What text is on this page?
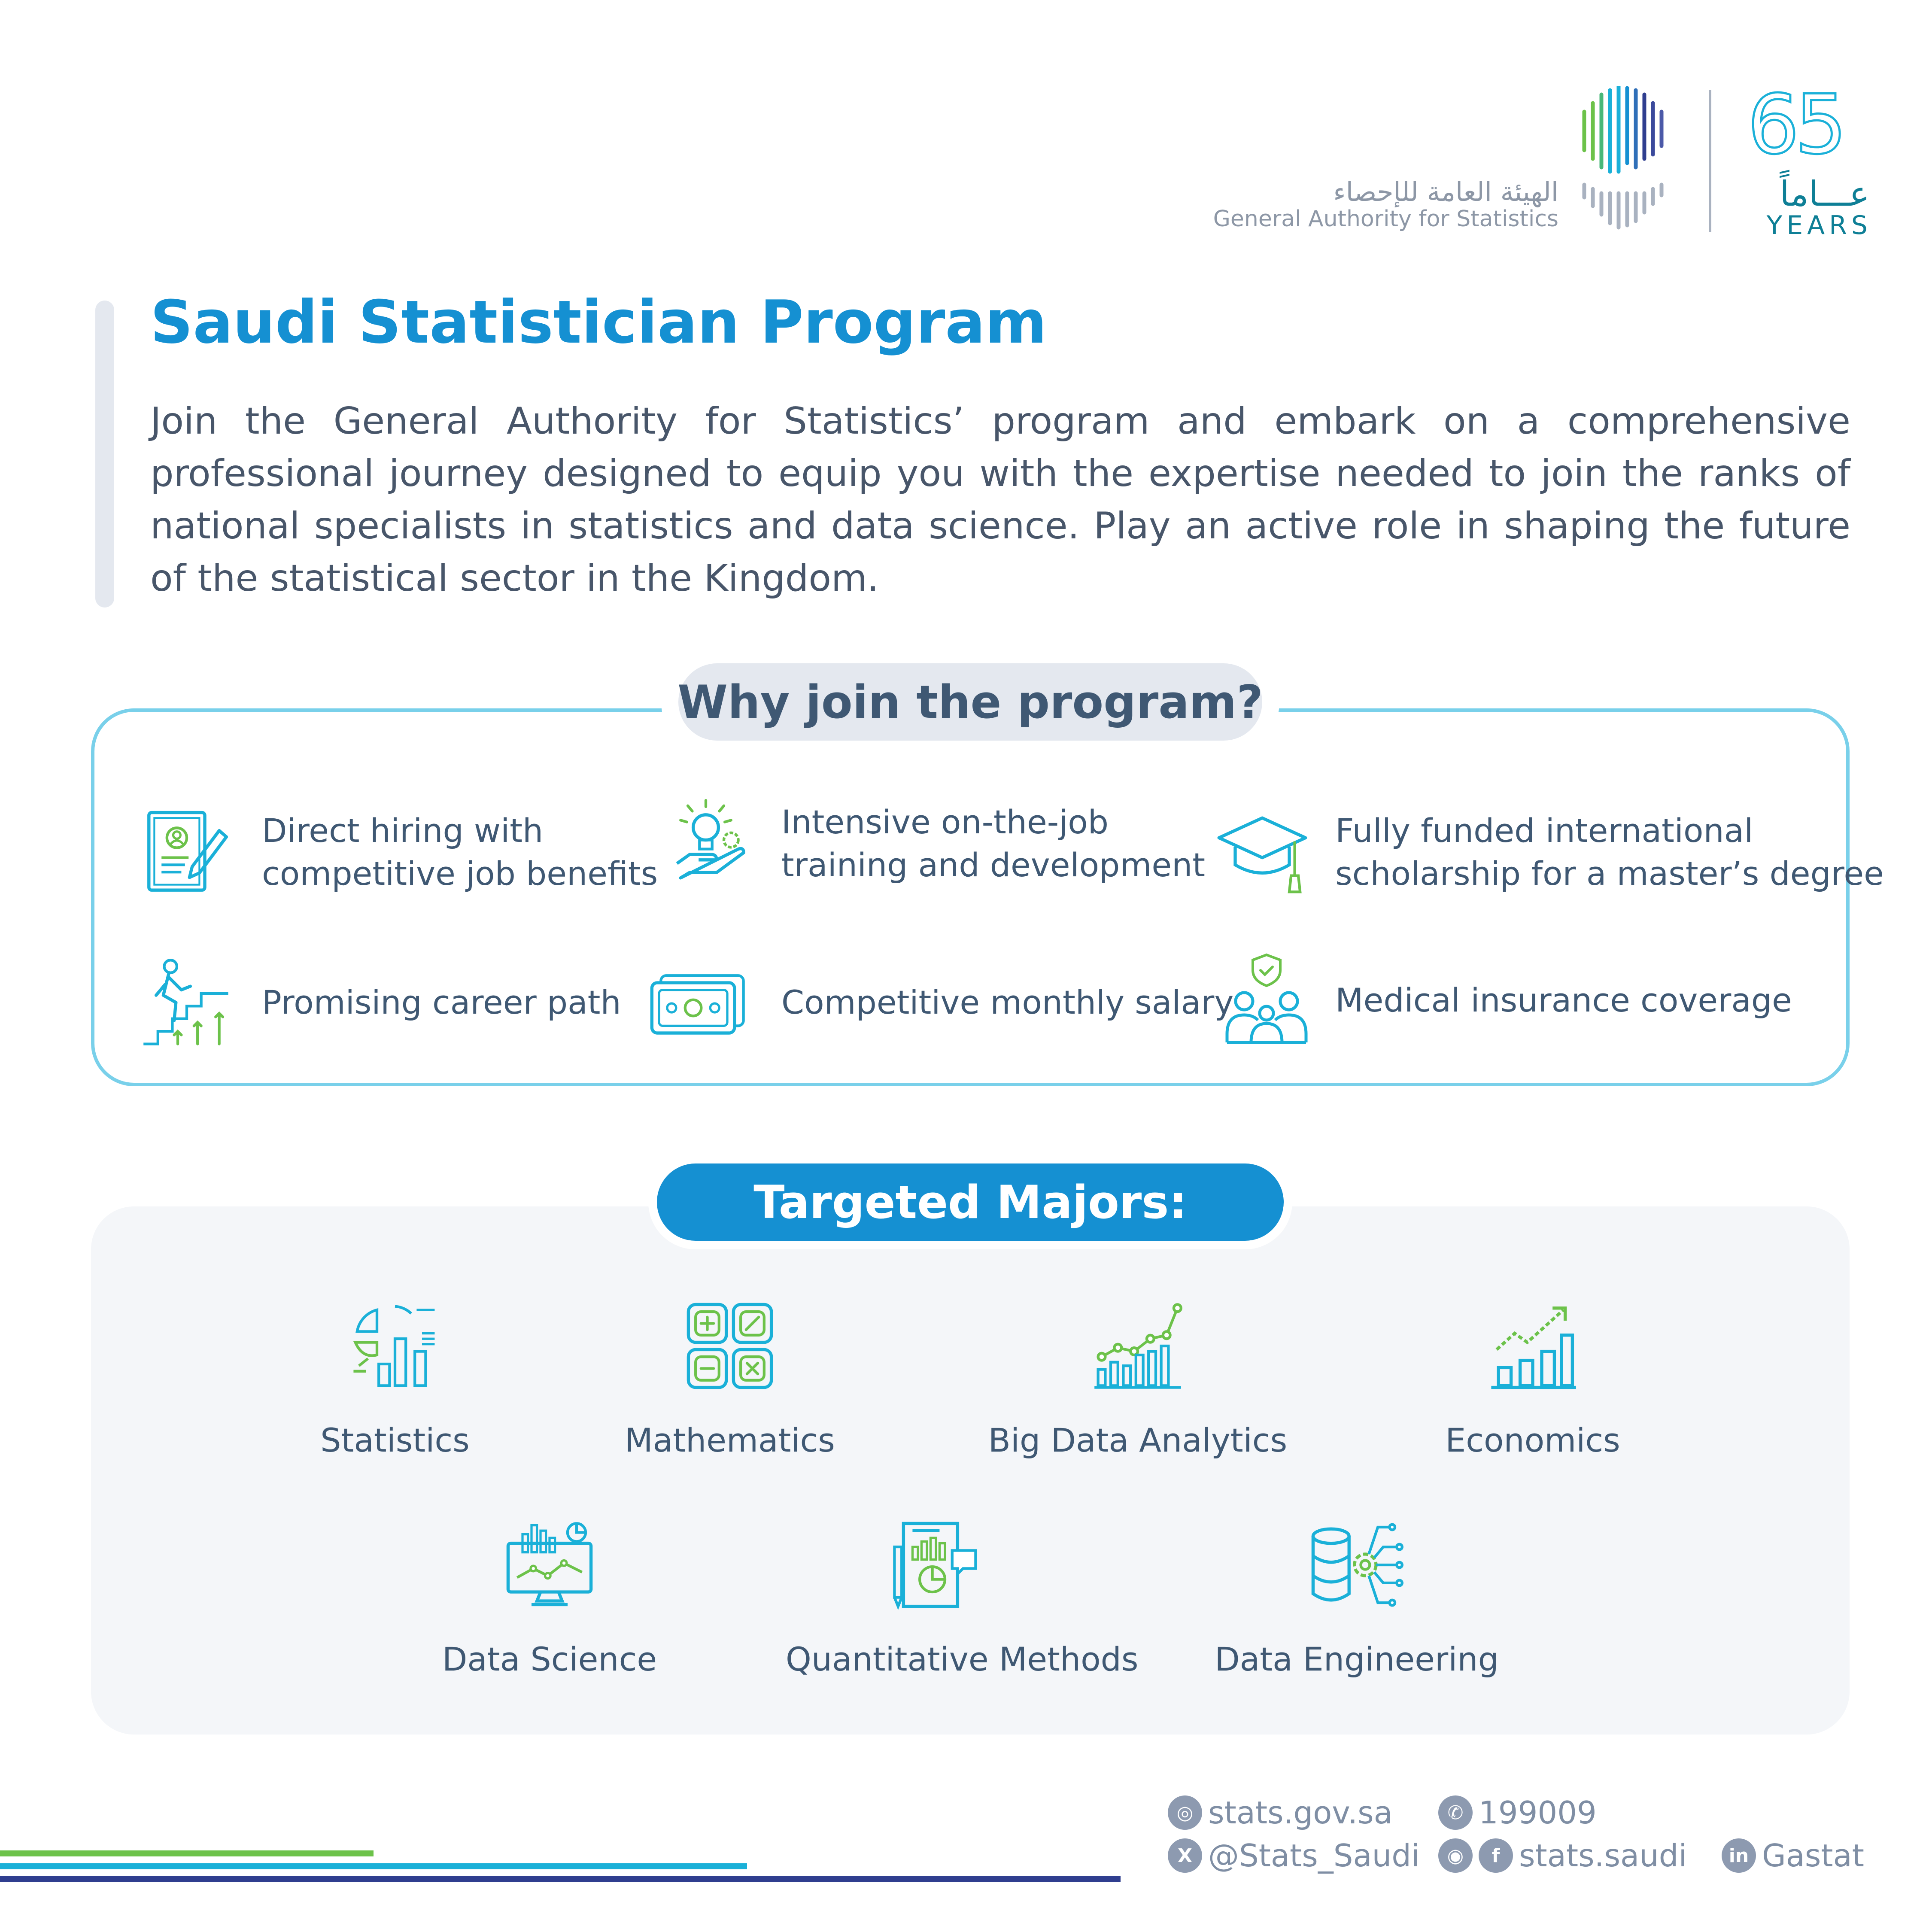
الهيئة العامة للإحصاء
General Authority for Statistics
65
عـــاماً
YEARS
Saudi Statistician Program
Join the General Authority for Statistics’ program and embark on a comprehensive professional journey designed to equip you with the expertise needed to join the ranks of national specialists in statistics and data science. Play an active role in shaping the future of the statistical sector in the Kingdom.
Why join the program?
Direct hiring with
competitive job benefits
Intensive on-the-job
training and development
Fully funded international
scholarship for a master’s degree
Promising career path	Competitive monthly salary	Medical insurance coverage
Targeted Majors:
Statistics	Mathematics	Big Data Analytics	Economics
Data Science	Quantitative Methods Data Engineering
◎ stats.gov.sa	✆ 199009
X @Stats_Saudi	◉	f stats.saudi	in Gastat
